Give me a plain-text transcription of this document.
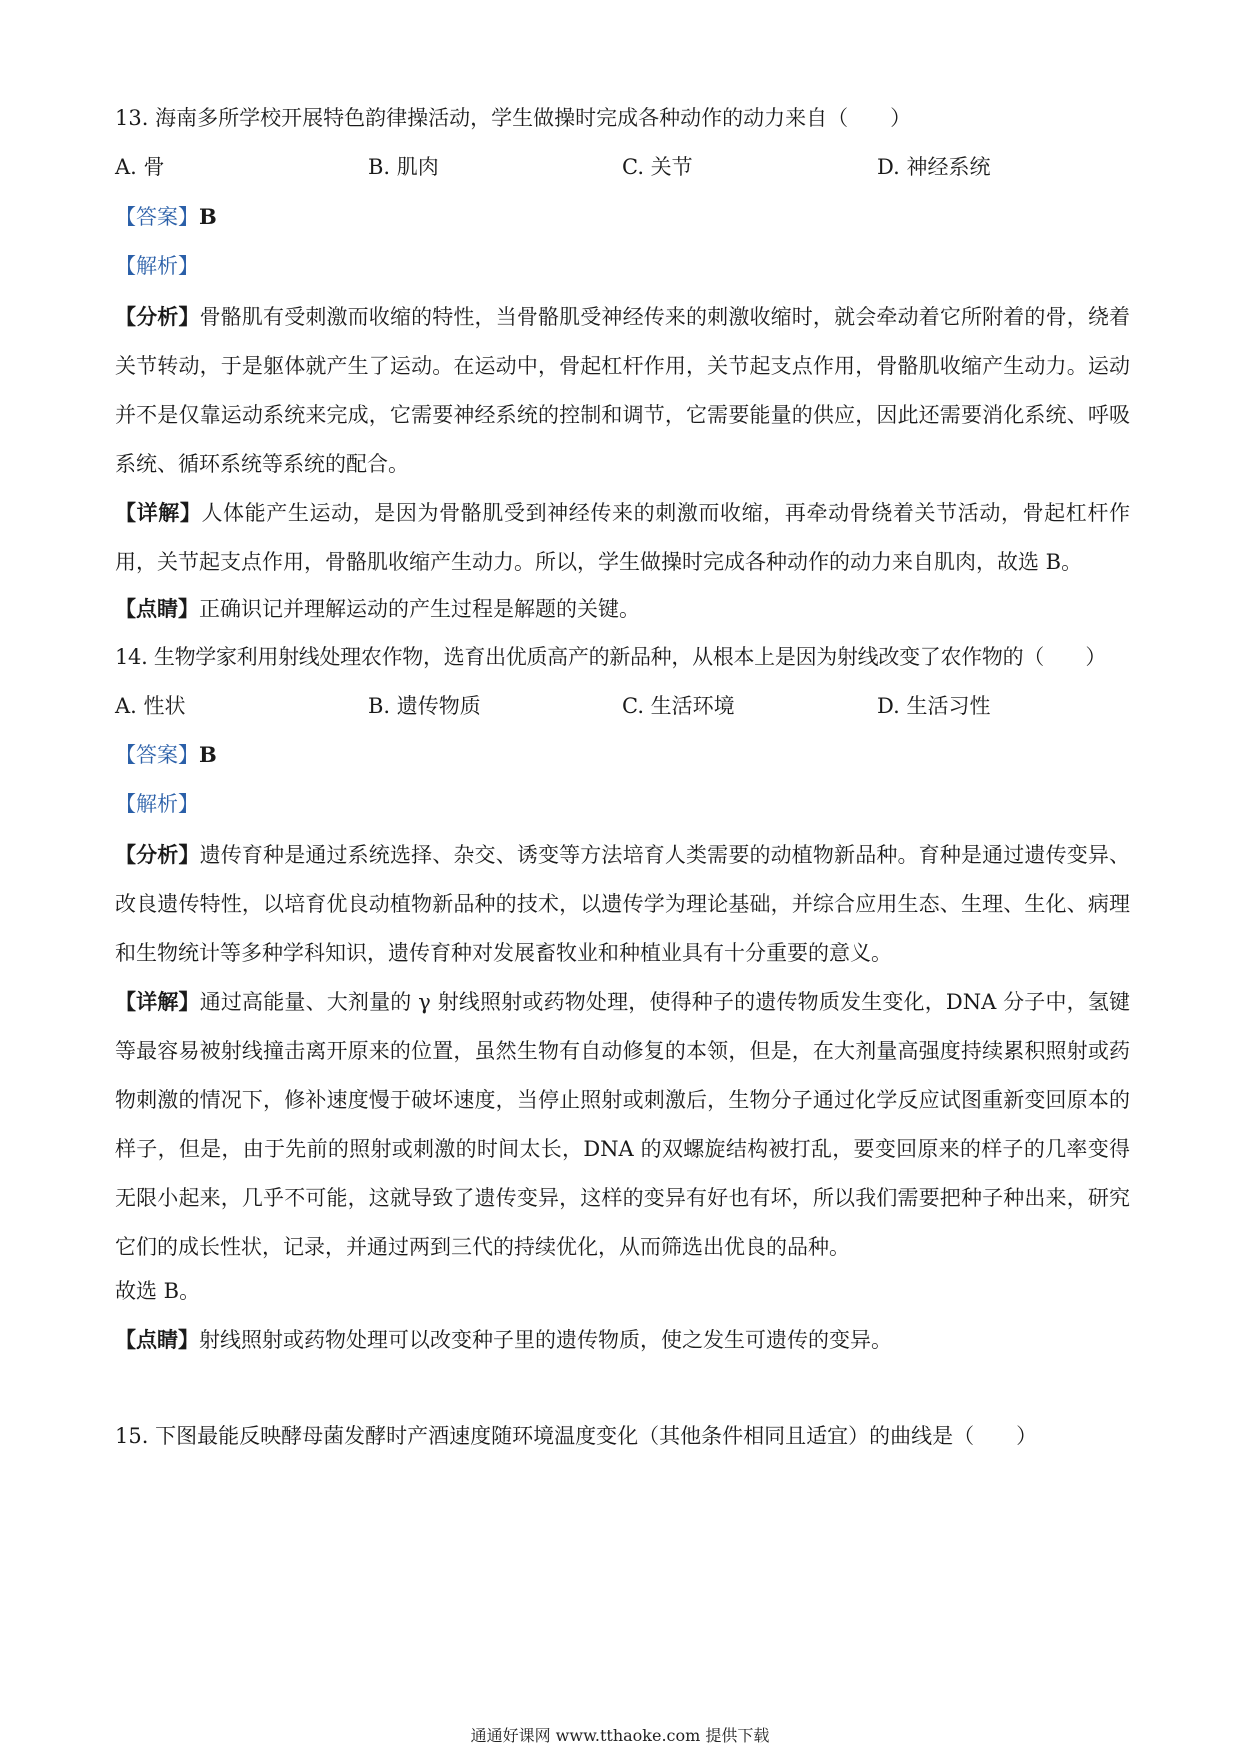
13. 海南多所学校开展特色韵律操活动，学生做操时完成各种动作的动力来自（　　）
A. 骨	B. 肌肉	C. 关节	D. 神经系统
【答案】B
【解析】
【分析】骨骼肌有受刺激而收缩的特性，当骨骼肌受神经传来的刺激收缩时，就会牵动着它所附着的骨，绕着关节转动，于是躯体就产生了运动。在运动中，骨起杠杆作用，关节起支点作用，骨骼肌收缩产生动力。运动并不是仅靠运动系统来完成，它需要神经系统的控制和调节，它需要能量的供应，因此还需要消化系统、呼吸系统、循环系统等系统的配合。
【详解】人体能产生运动，是因为骨骼肌受到神经传来的刺激而收缩，再牵动骨绕着关节活动，骨起杠杆作用，关节起支点作用，骨骼肌收缩产生动力。所以，学生做操时完成各种动作的动力来自肌肉，故选 B。
【点睛】正确识记并理解运动的产生过程是解题的关键。
14. 生物学家利用射线处理农作物，选育出优质高产的新品种，从根本上是因为射线改变了农作物的（　　）
A. 性状	B. 遗传物质	C. 生活环境	D. 生活习性
【答案】B
【解析】
【分析】遗传育种是通过系统选择、杂交、诱变等方法培育人类需要的动植物新品种。育种是通过遗传变异、改良遗传特性，以培育优良动植物新品种的技术，以遗传学为理论基础，并综合应用生态、生理、生化、病理和生物统计等多种学科知识，遗传育种对发展畜牧业和种植业具有十分重要的意义。
【详解】通过高能量、大剂量的 γ 射线照射或药物处理，使得种子的遗传物质发生变化，DNA 分子中，氢键等最容易被射线撞击离开原来的位置，虽然生物有自动修复的本领，但是，在大剂量高强度持续累积照射或药物刺激的情况下，修补速度慢于破坏速度，当停止照射或刺激后，生物分子通过化学反应试图重新变回原本的样子，但是，由于先前的照射或刺激的时间太长，DNA 的双螺旋结构被打乱，要变回原来的样子的几率变得无限小起来，几乎不可能，这就导致了遗传变异，这样的变异有好也有坏，所以我们需要把种子种出来，研究它们的成长性状，记录，并通过两到三代的持续优化，从而筛选出优良的品种。
故选 B。
【点睛】射线照射或药物处理可以改变种子里的遗传物质，使之发生可遗传的变异。
15. 下图最能反映酵母菌发酵时产酒速度随环境温度变化（其他条件相同且适宜）的曲线是（　　）
通通好课网 www.tthaoke.com 提供下载
